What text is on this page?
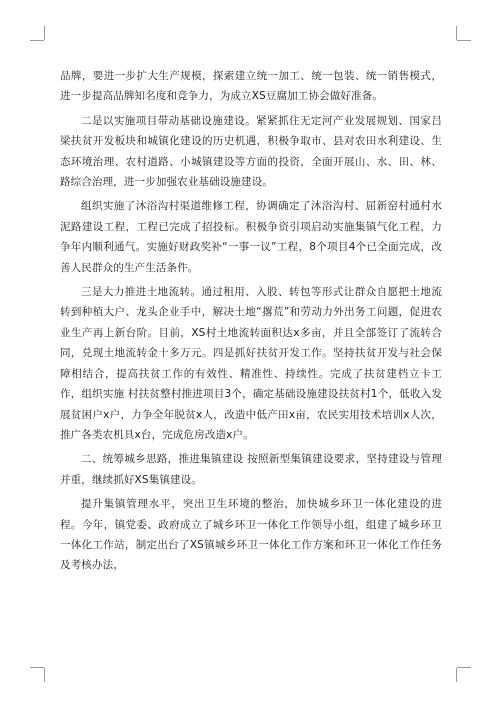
品牌，要进一步扩大生产规模，探索建立统一加工、统一包装、统一销售模式，进一步提高品牌知名度和竞争力，为成立XS豆腐加工协会做好准备。

二是以实施项目带动基础设施建设。紧紧抓住无定河产业发展规划、国家吕梁扶贫开发板块和城镇化建设的历史机遇，积极争取市、县对农田水利建设、生态环境治理、农村道路、小城镇建设等方面的投资，全面开展山、水、田、林、路综合治理，进一步加强农业基础设施建设。

组织实施了沐浴沟村渠道维修工程，协调确定了沐浴沟村、屈新窑村通村水泥路建设工程，工程已完成了招投标。积极争资引项启动实施集镇气化工程，力争年内顺利通气。实施好财政奖补“一事一议”工程，8个项目4个已全面完成，改善人民群众的生产生活条件。

三是大力推进土地流转。通过租用、入股、转包等形式让群众自愿把土地流转到种植大户、龙头企业手中，解决土地“撂荒”和劳动力外出务工问题，促进农业生产再上新台阶。目前，XS村土地流转面积达x多亩，并且全部签订了流转合同，兑现土地流转金十多万元。四是抓好扶贫开发工作。坚持扶贫开发与社会保障相结合，提高扶贫工作的有效性、精准性、持续性。完成了扶贫建档立卡工作，组织实施 村扶贫整村推进项目3个，确定基础设施建设扶贫村1个，低收入发展贫困户x户，力争全年脱贫x人，改造中低产田x亩，农民实用技术培训x人次，推广各类农机具x台，完成危房改造x户。

二、统筹城乡思路，推进集镇建设 按照新型集镇建设要求，坚持建设与管理并重，继续抓好XS集镇建设。

提升集镇管理水平，突出卫生环境的整治，加快城乡环卫一体化建设的进程。今年，镇党委、政府成立了城乡环卫一体化工作领导小组，组建了城乡环卫一体化工作站，制定出台了XS镇城乡环卫一体化工作方案和环卫一体化工作任务及考核办法，
